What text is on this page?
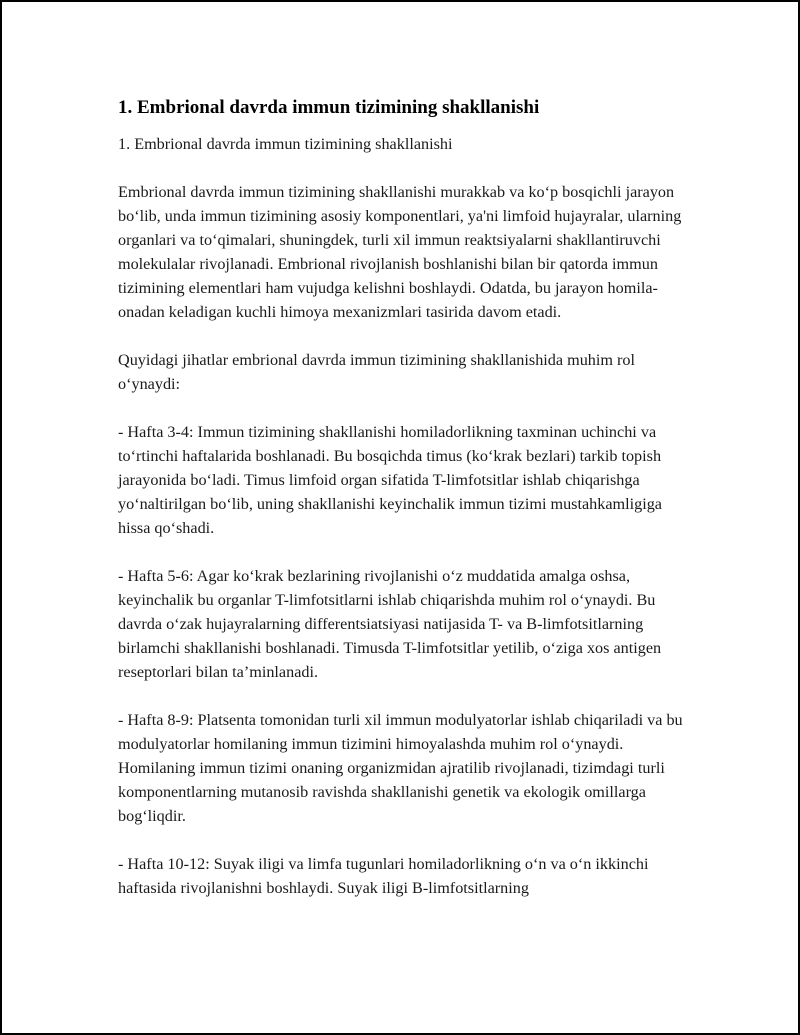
1. Embrional davrda immun tizimining shakllanishi

1. Embrional davrda immun tizimining shakllanishi

Embrional davrda immun tizimining shakllanishi murakkab va ko‘p bosqichli jarayon bo‘lib, unda immun tizimining asosiy komponentlari, ya'ni limfoid hujayralar, ularning organlari va to‘qimalari, shuningdek, turli xil immun reaktsiyalarni shakllantiruvchi molekulalar rivojlanadi. Embrional rivojlanish boshlanishi bilan bir qatorda immun tizimining elementlari ham vujudga kelishni boshlaydi. Odatda, bu jarayon homila-onadan keladigan kuchli himoya mexanizmlari tasirida davom etadi.

Quyidagi jihatlar embrional davrda immun tizimining shakllanishida muhim rol o‘ynaydi:

- Hafta 3-4: Immun tizimining shakllanishi homiladorlikning taxminan uchinchi va to‘rtinchi haftalarida boshlanadi. Bu bosqichda timus (ko‘krak bezlari) tarkib topish jarayonida bo‘ladi. Timus limfoid organ sifatida T-limfotsitlar ishlab chiqarishga yo‘naltirilgan bo‘lib, uning shakllanishi keyinchalik immun tizimi mustahkamligiga hissa qo‘shadi.

- Hafta 5-6: Agar ko‘krak bezlarining rivojlanishi o‘z muddatida amalga oshsa, keyinchalik bu organlar T-limfotsitlarni ishlab chiqarishda muhim rol o‘ynaydi. Bu davrda o‘zak hujayralarning differentsiatsiyasi natijasida T- va B-limfotsitlarning birlamchi shakllanishi boshlanadi. Timusda T-limfotsitlar yetilib, o‘ziga xos antigen reseptorlari bilan ta’minlanadi.

- Hafta 8-9: Platsenta tomonidan turli xil immun modulyatorlar ishlab chiqariladi va bu modulyatorlar homilaning immun tizimini himoyalashda muhim rol o‘ynaydi. Homilaning immun tizimi onaning organizmidan ajratilib rivojlanadi, tizimdagi turli komponentlarning mutanosib ravishda shakllanishi genetik va ekologik omillarga bog‘liqdir.

- Hafta 10-12: Suyak iligi va limfa tugunlari homiladorlikning o‘n va o‘n ikkinchi haftasida rivojlanishni boshlaydi. Suyak iligi B-limfotsitlarning
